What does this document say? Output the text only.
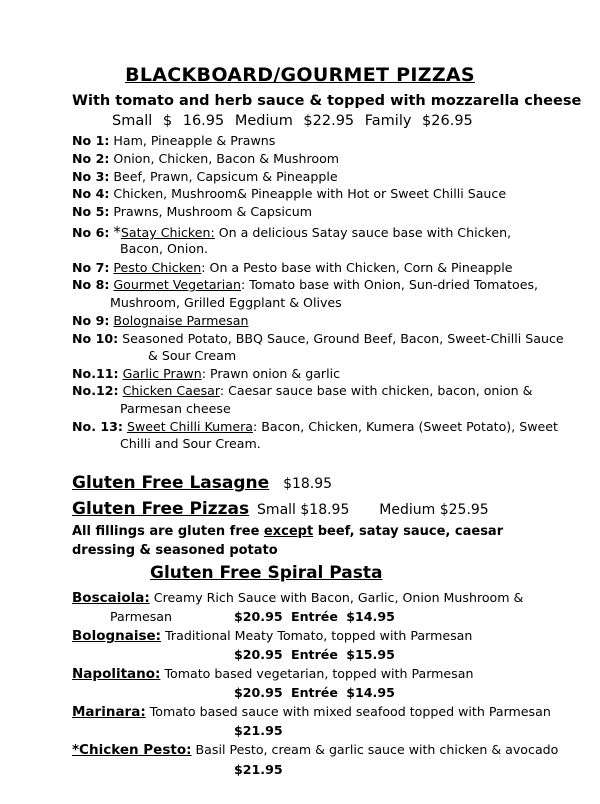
BLACKBOARD/GOURMET PIZZAS
With tomato and herb sauce & topped with mozzarella cheese
Small $ 16.95 Medium $22.95 Family $26.95
No 1: Ham, Pineapple & Prawns
No 2: Onion, Chicken, Bacon & Mushroom
No 3: Beef, Prawn, Capsicum & Pineapple
No 4: Chicken, Mushroom& Pineapple with Hot or Sweet Chilli Sauce
No 5: Prawns, Mushroom & Capsicum
No 6: *Satay Chicken: On a delicious Satay sauce base with Chicken,
Bacon, Onion.
No 7: Pesto Chicken: On a Pesto base with Chicken, Corn & Pineapple
No 8: Gourmet Vegetarian: Tomato base with Onion, Sun-dried Tomatoes,
Mushroom, Grilled Eggplant & Olives
No 9: Bolognaise Parmesan
No 10: Seasoned Potato, BBQ Sauce, Ground Beef, Bacon, Sweet-Chilli Sauce
& Sour Cream
No.11: Garlic Prawn: Prawn onion & garlic
No.12: Chicken Caesar: Caesar sauce base with chicken, bacon, onion &
Parmesan cheese
No. 13: Sweet Chilli Kumera: Bacon, Chicken, Kumera (Sweet Potato), Sweet
Chilli and Sour Cream.
Gluten Free Lasagne $18.95
Gluten Free Pizzas Small $18.95 Medium $25.95
All fillings are gluten free except beef, satay sauce, caesar
dressing & seasoned potato
Gluten Free Spiral Pasta
Boscaiola: Creamy Rich Sauce with Bacon, Garlic, Onion Mushroom &
Parmesan	$20.95 Entrée $14.95
Bolognaise: Traditional Meaty Tomato, topped with Parmesan
$20.95 Entrée $15.95
Napolitano: Tomato based vegetarian, topped with Parmesan
$20.95 Entrée $14.95
Marinara: Tomato based sauce with mixed seafood topped with Parmesan
$21.95
*Chicken Pesto: Basil Pesto, cream & garlic sauce with chicken & avocado
$21.95
